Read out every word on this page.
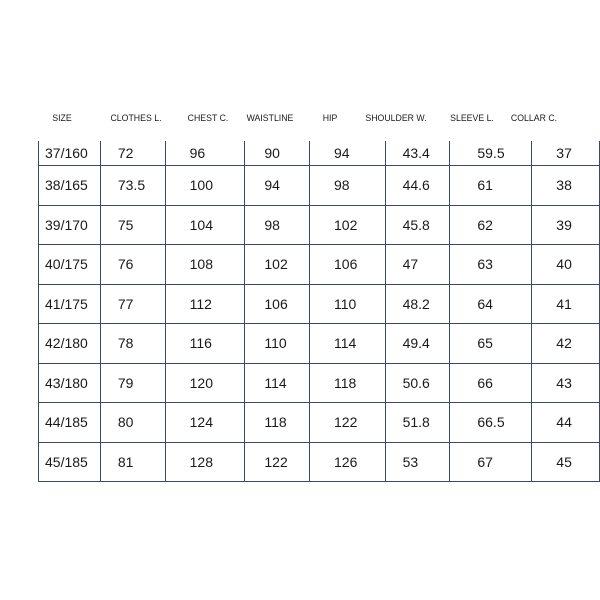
SIZE	CLOTHES L.	CHEST C.	WAISTLINE	HIP	SHOULDER W.	SLEEVE L.	COLLAR C.
37/160	72	96	90	94	43.4	59.5	37
38/165	73.5	100	94	98	44.6	61	38
39/170	75	104	98	102	45.8	62	39
40/175	76	108	102	106	47	63	40
41/175	77	112	106	110	48.2	64	41
42/180	78	116	110	114	49.4	65	42
43/180	79	120	114	118	50.6	66	43
44/185	80	124	118	122	51.8	66.5	44
45/185	81	128	122	126	53	67	45
